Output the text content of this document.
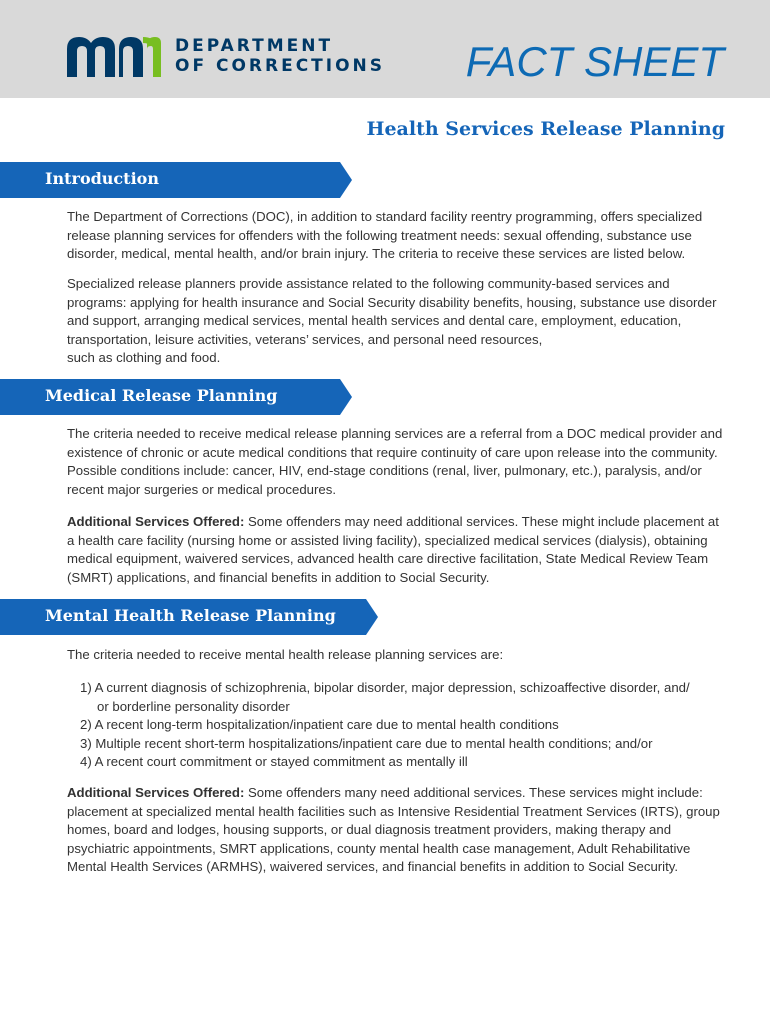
DEPARTMENT
OF CORRECTIONS FACT SHEET
Health Services Release Planning
Introduction

The Department of Corrections (DOC), in addition to standard facility reentry programming, offers specialized release planning services for offenders with the following treatment needs: sexual offending, substance use disorder, medical, mental health, and/or brain injury. The criteria to receive these services are listed below.

Specialized release planners provide assistance related to the following community-based services and programs: applying for health insurance and Social Security disability benefits, housing, substance use disorder and support, arranging medical services, mental health services and dental care, employment, education, transportation, leisure activities, veterans’ services, and personal need resources,

such as clothing and food.

Medical Release Planning

The criteria needed to receive medical release planning services are a referral from a DOC medical provider and existence of chronic or acute medical conditions that require continuity of care upon release into the community. Possible conditions include: cancer, HIV, end-stage conditions (renal, liver, pulmonary, etc.), paralysis, and/or recent major surgeries or medical procedures.

Additional Services Offered: Some offenders may need additional services. These might include placement at a health care facility (nursing home or assisted living facility), specialized medical services (dialysis), obtaining medical equipment, waivered services, advanced health care directive facilitation, State Medical Review Team (SMRT) applications, and financial benefits in addition to Social Security.

Mental Health Release Planning

The criteria needed to receive mental health release planning services are:

1) A current diagnosis of schizophrenia, bipolar disorder, major depression, schizoaffective disorder, and/
or borderline personality disorder
2) A recent long-term hospitalization/inpatient care due to mental health conditions
3) Multiple recent short-term hospitalizations/inpatient care due to mental health conditions; and/or
4) A recent court commitment or stayed commitment as mentally ill

Additional Services Offered: Some offenders many need additional services. These services might include: placement at specialized mental health facilities such as Intensive Residential Treatment Services (IRTS), group homes, board and lodges, housing supports, or dual diagnosis treatment providers, making therapy and psychiatric appointments, SMRT applications, county mental health case management, Adult Rehabilitative Mental Health Services (ARMHS), waivered services, and financial benefits in addition to Social Security.
